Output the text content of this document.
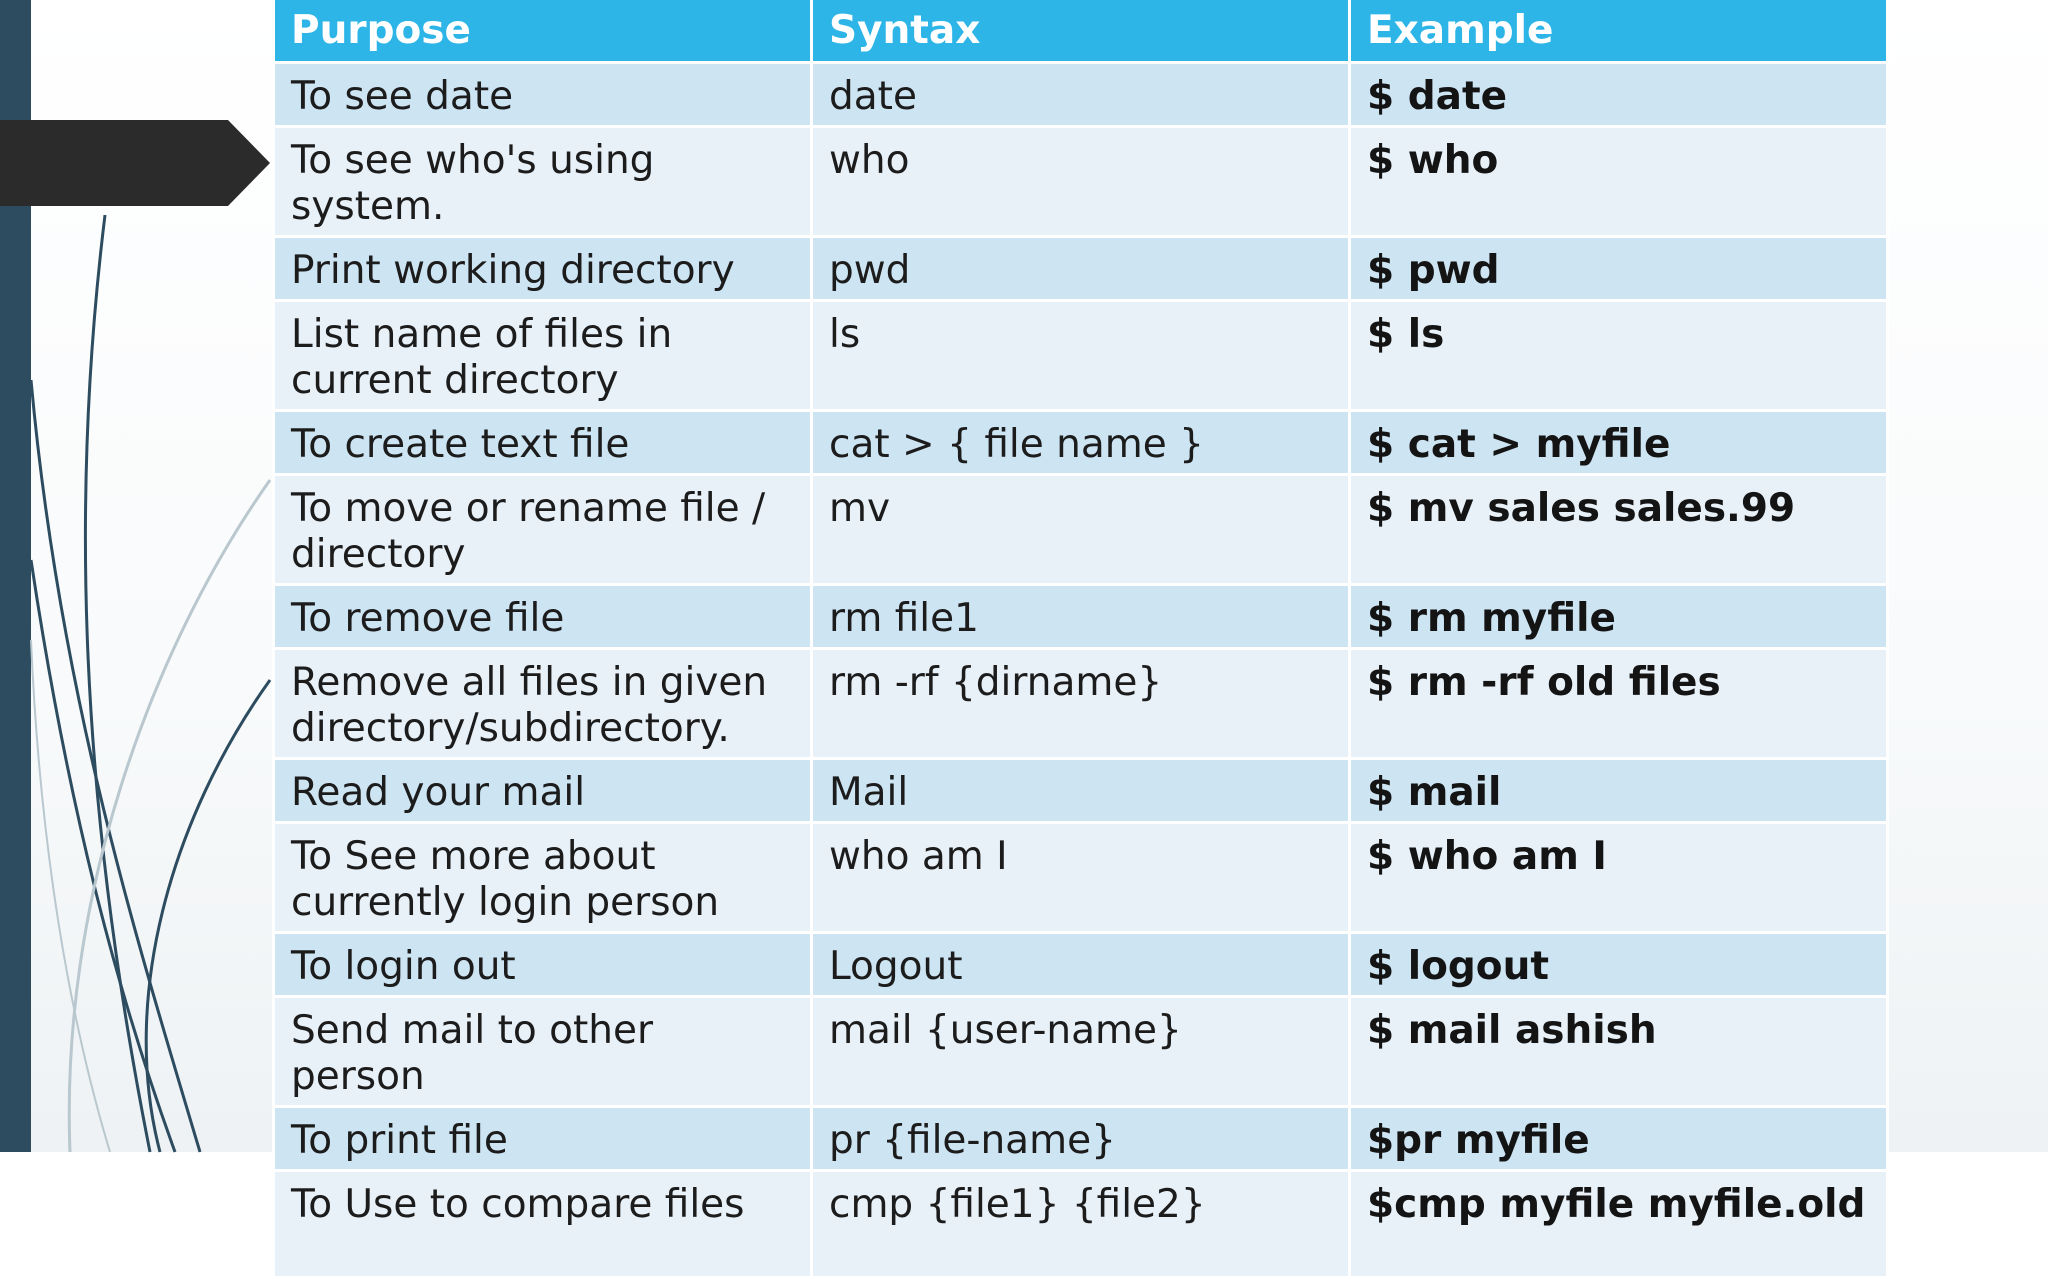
Purpose	Syntax	Example
To see date	date	$ date
To see who's using system.	who	$ who
Print working directory	pwd	$ pwd
List name of files in current directory	ls	$ ls
To create text file	cat > { file name }	$ cat > myfile
To move or rename file / directory	mv	$ mv sales sales.99
To remove file	rm file1	$ rm myfile
Remove all files in given directory/subdirectory.	rm -rf {dirname}	$ rm -rf old files
Read your mail	Mail	$ mail
To See more about currently login person	who am I	$ who am I
To login out	Logout	$ logout
Send mail to other person	mail {user-name}	$ mail ashish
To print file	pr {file-name}	$pr myfile
To Use to compare files	cmp {file1} {file2}	$cmp myfile myfile.old
